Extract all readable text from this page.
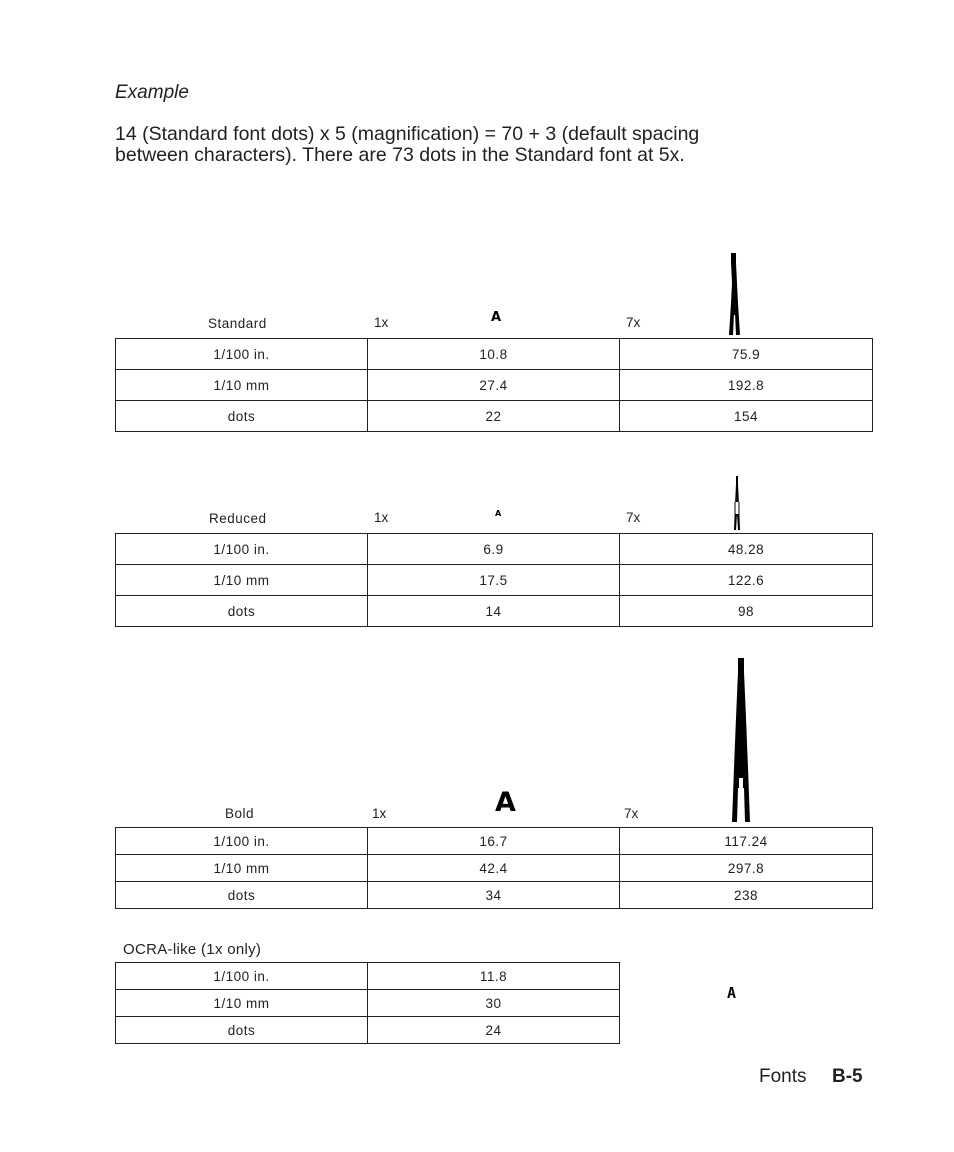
Example
14 (Standard font dots) x 5 (magnification) = 70 + 3 (default spacing
between characters). There are 73 dots in the Standard font at 5x.
Standard	1x	A	7x
1/100 in.	10.8	75.9
1/10 mm	27.4	192.8
dots	22	154
Reduced	1x	A	7x
1/100 in.	6.9	48.28
1/10 mm	17.5	122.6
dots	14	98
Bold	1x	A	7x
1/100 in.	16.7	117.24
1/10 mm	42.4	297.8
dots	34	238
OCRA-like (1x only)
1/100 in.	11.8
1/10 mm	30
dots	24
A
Fonts B-5
